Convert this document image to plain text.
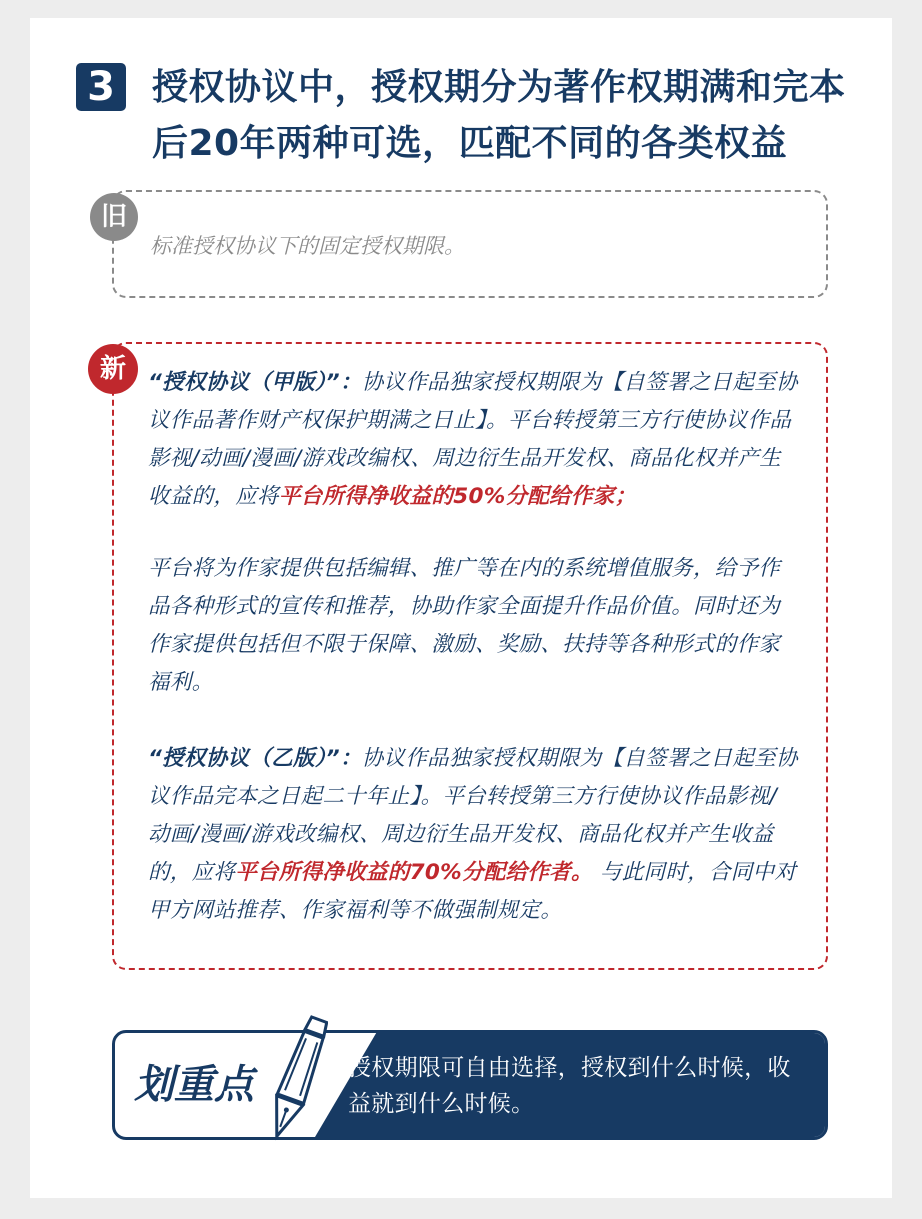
3	授权协议中，授权期分为著作权期满和完本后20年两种可选，匹配不同的各类权益
旧
标准授权协议下的固定授权期限。
新	“授权协议（甲版）”：协议作品独家授权期限为【自签署之日起至协议作品著作财产权保护期满之日止】。平台转授第三方行使协议作品影视/动画/漫画/游戏改编权、周边衍生品开发权、商品化权并产生收益的，应将平台所得净收益的50%分配给作家；

平台将为作家提供包括编辑、推广等在内的系统增值服务，给予作品各种形式的宣传和推荐，协助作家全面提升作品价值。同时还为作家提供包括但不限于保障、激励、奖励、扶持等各种形式的作家福利。

“授权协议（乙版）”：协议作品独家授权期限为【自签署之日起至协议作品完本之日起二十年止】。平台转授第三方行使协议作品影视/动画/漫画/游戏改编权、周边衍生品开发权、商品化权并产生收益的，应将平台所得净收益的70%分配给作者。 与此同时，合同中对甲方网站推荐、作家福利等不做强制规定。

划重点	授权期限可自由选择，授权到什么时候，收益就到什么时候。
